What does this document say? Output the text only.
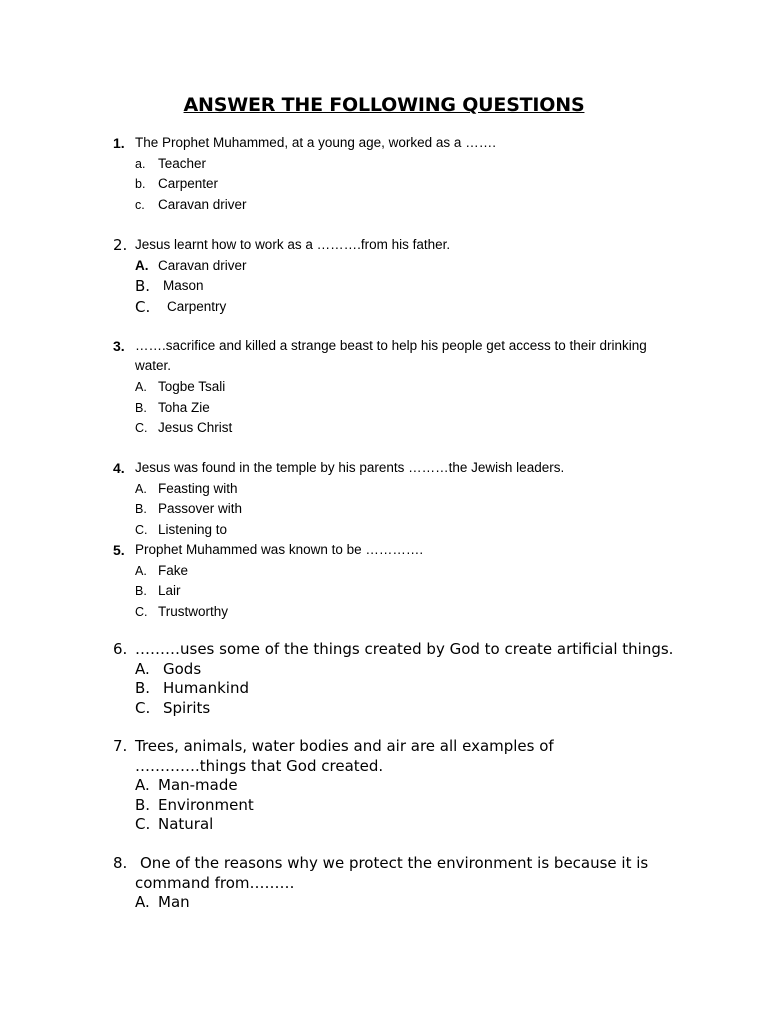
ANSWER THE FOLLOWING QUESTIONS
1. The Prophet Muhammed, at a young age, worked as a …….
a. Teacher
b. Carpenter
c. Caravan driver
2. Jesus learnt how to work as a ……….from his father.
A. Caravan driver
B. Mason
C. Carpentry
3. …….sacrifice and killed a strange beast to help his people get access to their drinking water.
A. Togbe Tsali
B. Toha Zie
C. Jesus Christ
4. Jesus was found in the temple by his parents ………the Jewish leaders.
A. Feasting with
B. Passover with
C. Listening to
5. Prophet Muhammed was known to be ………….
A. Fake
B. Lair
C. Trustworthy
6. ………uses some of the things created by God to create artificial things.
A. Gods
B. Humankind
C. Spirits
7. Trees, animals, water bodies and air are all examples of
………….things that God created.
A. Man-made
B. Environment
C. Natural
8. One of the reasons why we protect the environment is because it is
command from………
A. Man
